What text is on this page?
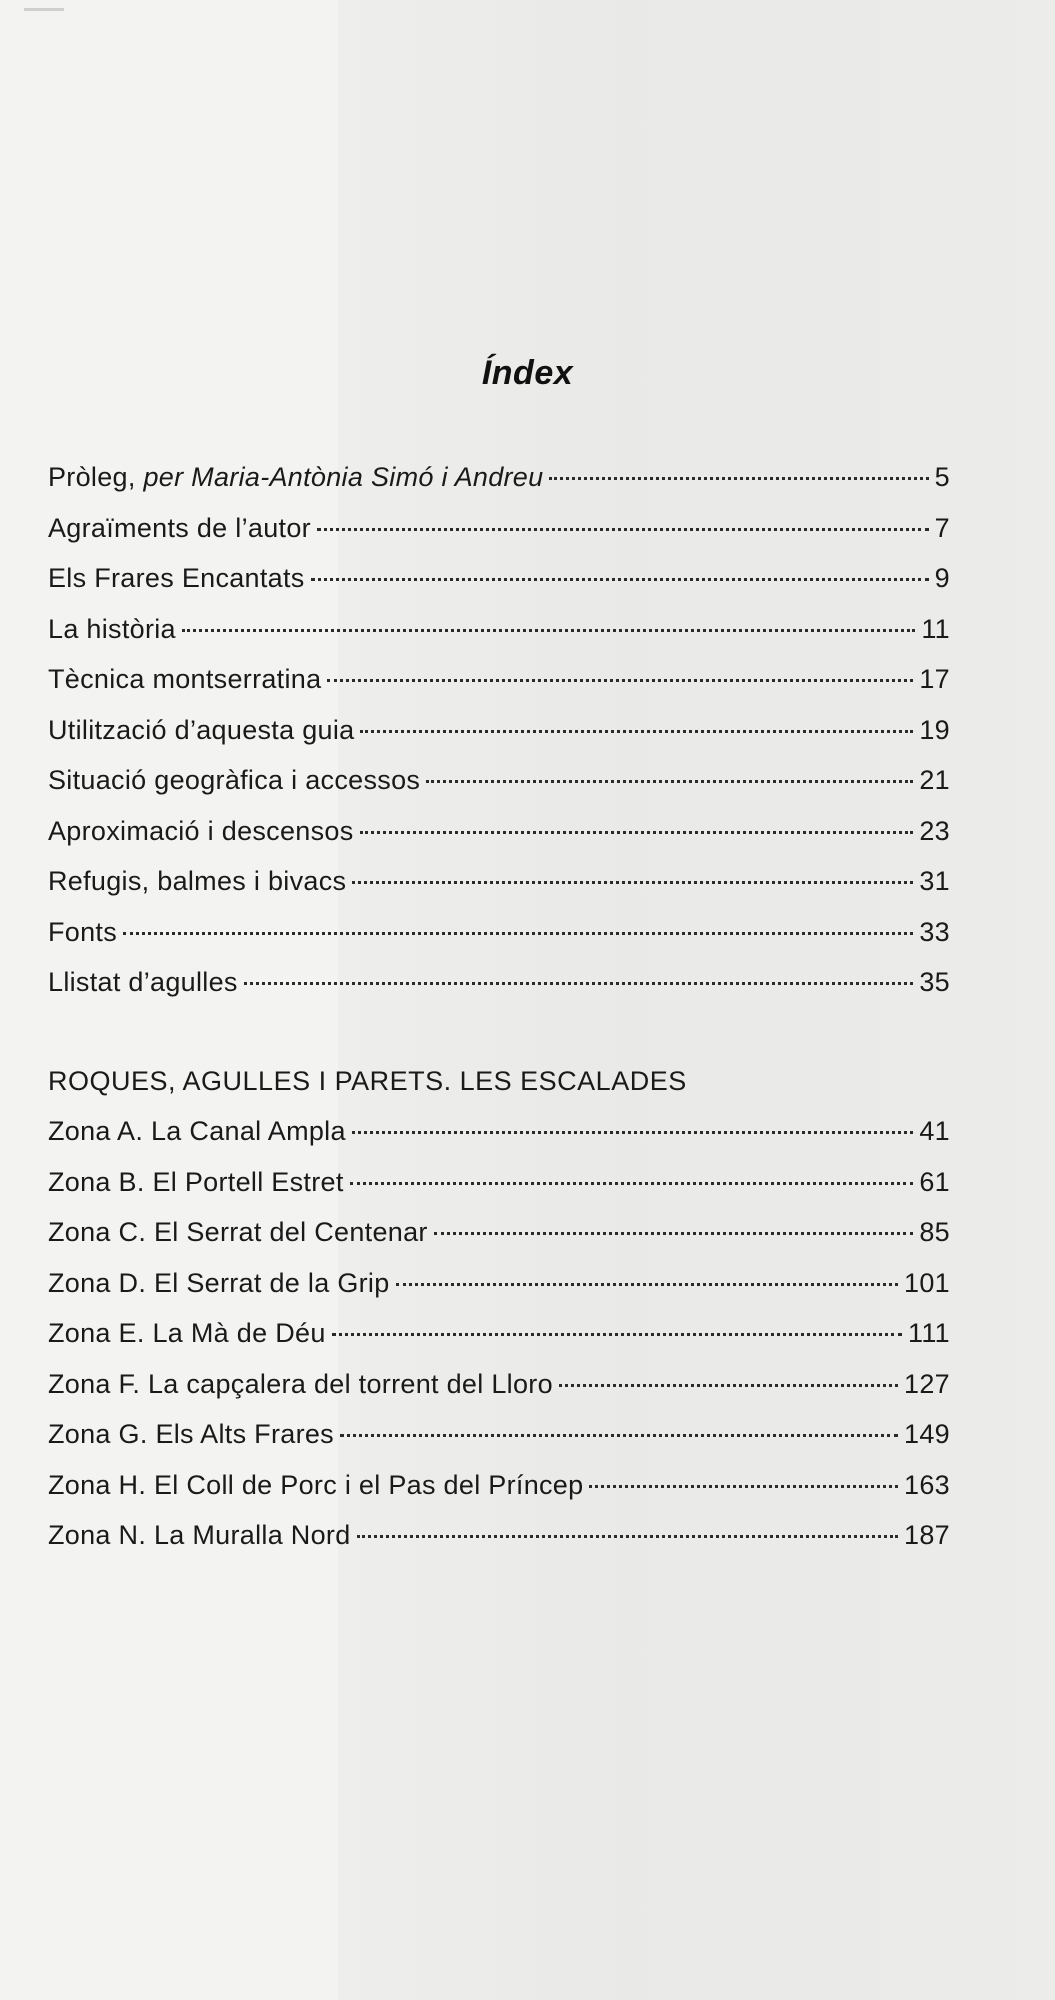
Índex
Pròleg, per Maria-Antònia Simó i Andreu	5
Agraïments de l’autor	7
Els Frares Encantats	9
La història	11
Tècnica montserratina	17
Utilització d’aquesta guia	19
Situació geogràfica i accessos	21
Aproximació i descensos	23
Refugis, balmes i bivacs	31
Fonts	33
Llistat d’agulles	35
ROQUES, AGULLES I PARETS. LES ESCALADES
Zona A. La Canal Ampla	41
Zona B. El Portell Estret	61
Zona C. El Serrat del Centenar	85
Zona D. El Serrat de la Grip	101
Zona E. La Mà de Déu	111
Zona F. La capçalera del torrent del Lloro	127
Zona G. Els Alts Frares	149
Zona H. El Coll de Porc i el Pas del Príncep	163
Zona N. La Muralla Nord	187
